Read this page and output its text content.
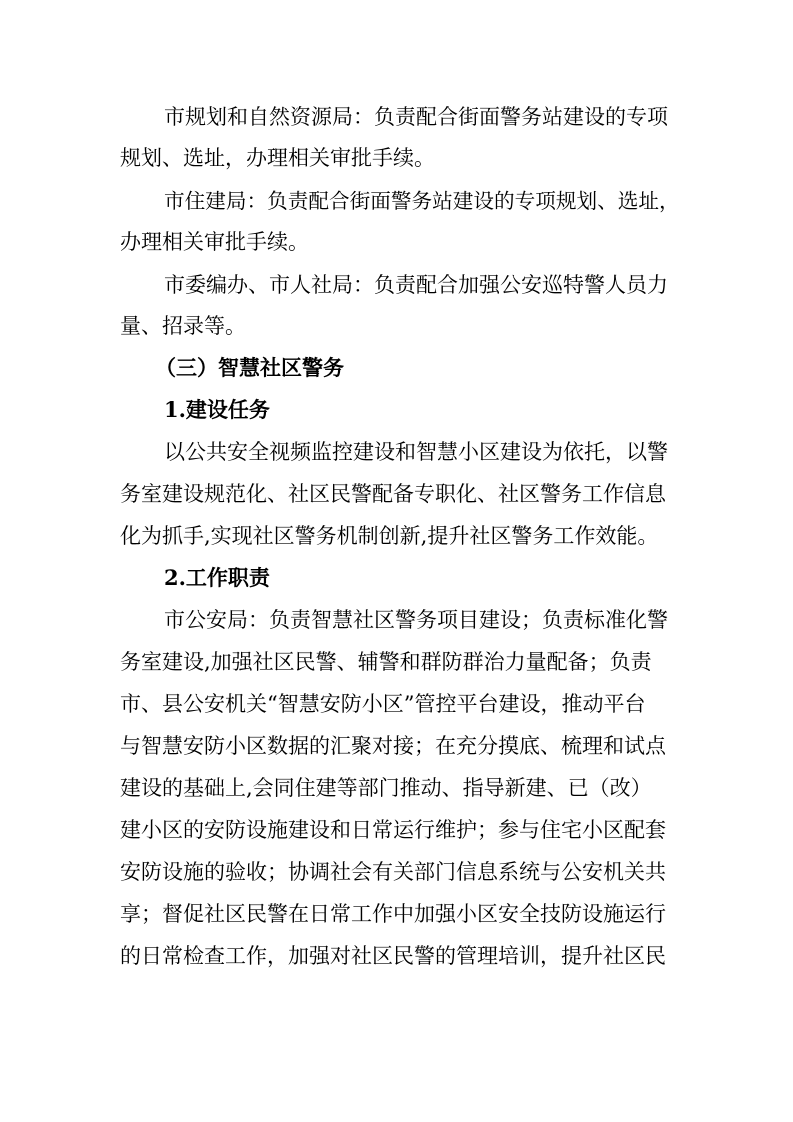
市规划和自然资源局：负责配合街面警务站建设的专项

规划、选址，办理相关审批手续。

市住建局：负责配合街面警务站建设的专项规划、选址，

办理相关审批手续。

市委编办、市人社局：负责配合加强公安巡特警人员力

量、招录等。

（三）智慧社区警务

1.建设任务

以公共安全视频监控建设和智慧小区建设为依托，以警

务室建设规范化、社区民警配备专职化、社区警务工作信息

化为抓手,实现社区警务机制创新,提升社区警务工作效能。

2.工作职责

市公安局：负责智慧社区警务项目建设；负责标准化警

务室建设,加强社区民警、辅警和群防群治力量配备；负责

市、县公安机关“智慧安防小区”管控平台建设，推动平台

与智慧安防小区数据的汇聚对接；在充分摸底、梳理和试点

建设的基础上,会同住建等部门推动、指导新建、已（改）

建小区的安防设施建设和日常运行维护；参与住宅小区配套

安防设施的验收；协调社会有关部门信息系统与公安机关共

享；督促社区民警在日常工作中加强小区安全技防设施运行

的日常检查工作，加强对社区民警的管理培训，提升社区民
